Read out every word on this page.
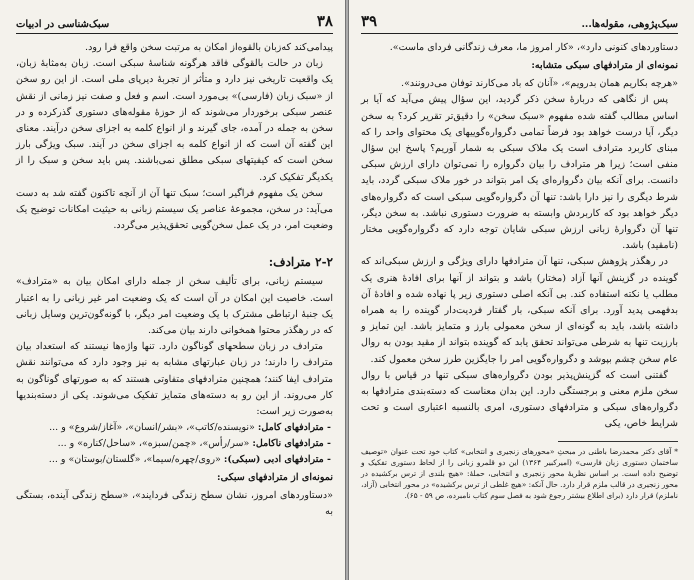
۳۸
سبک‌شناسی در ادبیات

پیدامی‌کند که‌زبان بالقوه‌از امکان به مرتبت سخن واقع فرا رود.

زبان در حالت بالقوگی فاقد هرگونه شناسهٔ سبکی است. زبان به‌مثابهٔ زبان، یک واقعیت تاریخی نیز دارد و متأثر از تجربهٔ دیرپای ملی است. از این رو سخن از «سبک زبان (فارسی)» بی‌مورد است. اسم و فعل و صفت نیز زمانی از نقش عنصر سبکی برخوردار می‌شوند که از حوزهٔ مقوله‌های دستوری گذرکرده و در سخن به جمله در آمده، جای گیرند و از انواع کلمه به اجزای سخن درآیند. معنای این گفته آن است که از انواع کلمه به اجزای سخن در آیند. سبک ویژگی بارز سخن است که کیفیتهای سبکی مطلق نمی‌باشند. پس باید سخن و سبک را از یکدیگر تفکیک کرد.

سخن یک مفهوم فراگیر است؛ سبک تنها آن از آنچه تاکنون گفته شد به دست می‌آید: در سخن، مجموعهٔ عناصر یک سیستم زبانی به حیثیت امکانات توضیح یک وضعیت امر، در یک عمل سخن‌گویی تحقق‌پذیر می‌گردد.

۲-۲ مترادف:

سیستم زبانی، برای تألیف سخن از جمله دارای امکان بیان به «مترادف» است. خاصیت این امکان در آن است که یک وضعیت امر غیر زبانی را به اعتبار یک جنبهٔ ارتباطی مشترک با یک وضعیت امر دیگر، با گونه‌گون‌ترین وسایل زبانی که در رهگذر محتوا همخوانی دارند بیان می‌کند.

مترادف در زبان سطحهای گوناگون دارد. تنها واژه‌ها نیستند که استعداد بیان مترادف را دارند؛ در زبان عبارتهای مشابه به نیز وجود دارد که می‌توانند نقش مترادف ایفا کنند؛ همچنین مترادفهای متفاوتی هستند که به صورتهای گوناگون به کار می‌روند. از این رو به دسته‌های متمایز تفکیک می‌شوند. یکی از دسته‌بندیها به‌صورت زیر است:

- مترادفهای کامل: «نویسنده/کاتب»، «بشر/انسان»، «آغاز/شروع» و ...
- مترادفهای ناکامل: «سر/رأس»، «چمن/سبزه»، «ساحل/کناره» و ...
- مترادفهای ادبی (سبکی): «روی/چهره/سیما»، «گلستان/بوستان» و ...
نمونه‌ای از مترادفهای سبکی:
«دستاوردهای امروز، نشان سطح زندگی فردایند»، «سطح زندگی آینده، بستگی به
سبک‌پژوهی، مقوله‌ها...
۳۹

دستاوردهای کنونی دارد»، «کار امروز ما، معرف زندگانی فردای ماست».

نمونه‌ای از مترادفهای سبکی متشابه:
«هرچه بکاریم همان بدرویم»، «آنان که باد می‌کارند توفان می‌درونند».

پس از نگاهی که دربارهٔ سخن ذکر گردید، این سؤال پیش می‌آید که آیا بر اساس مطالب گفته شده مفهوم «سبک سخن» را دقیق‌تر تقریر کرد؟ به سخن دیگر، آیا درست خواهد بود فرضاً تمامی دگرواره‌گوییهای یک محتوای واحد را که مبنای کاربرد مترادف است یک ملاک سبکی به شمار آوریم؟ پاسخ این سؤال منفی است؛ زیرا هر مترادف را بیان دگرواره را نمی‌توان دارای ارزش سبکی دانست. برای آنکه بیان دگرواره‌ای یک امر بتواند در خور ملاک سبکی گردد، باید شرط دیگری را نیز دارا باشد: تنها آن دگرواره‌گویی سبکی است که دگرواره‌های دیگر خواهد بود که کاربردش وابسته به ضرورت دستوری نباشد. به سخن دیگر، تنها آن دگروارهٔ زبانی ارزش سبکی شایان توجه دارد که دگرواره‌گویی مختار (نامقید) باشد.

در رهگذر پژوهش سبکی، تنها آن مترادفها دارای ویژگی و ارزش سبکی‌اند که گوینده در گزینش آنها آزاد (مختار) باشد و بتواند از آنها برای افادهٔ هنری یک مطلب یا نکته استفاده کند. بی آنکه اصلی دستوری زیر پا نهاده شده و افادهٔ آن بدفهمی پدید آورد. برای آنکه سبکی، بار گفتار فردیت‌دار گوینده را به همراه داشته باشد، باید به گونه‌ای از سخن معمولی بارز و متمایز باشد. این تمایز و بارزیت تنها به شرطی می‌تواند تحقق یابد که گوینده بتواند از مقید بودن به روال عام سخن چشم بپوشد و دگرواره‌گویی امر را جایگزین طرز سخن معمول کند.

گفتنی است که گزینش‌پذیر بودن دگرواره‌های سبکی تنها در قیاس با روال سخن ملزم معنی و برجستگی دارد. این بدان معناست که دسته‌بندی مترادفها به دگرواره‌های سبکی و مترادفهای دستوری، امری بالنسبه اعتباری است و تحت شرایط خاص، یکی

* آقای دکتر محمدرضا باطنی در مبحثِ «محورهای زنجیری و انتخابی» کتاب خود تحت عنوان «توصیف ساختمان دستوری زبان فارسی» (امیرکبیر ۱۳۶۴) این دو قلمرو زبانی را از لحاظ دستوری تفکیک و توضیح داده است. بر اساس نظریهٔ محور زنجیری و انتخابی، حملهٔ: «هیچ بلندی از ترس برکشیده در محور زنجیری در قالب ملزم قرار دارد. حال آنکه: «هیچ غلطی از ترس برکشیده» در محور انتخابی (آزاد، ناملزم) قرار دارد (برای اطلاع بیشتر رجوع شود به فصل سوم کتاب نامبرده، ص ۵۹ - ۶۵).
